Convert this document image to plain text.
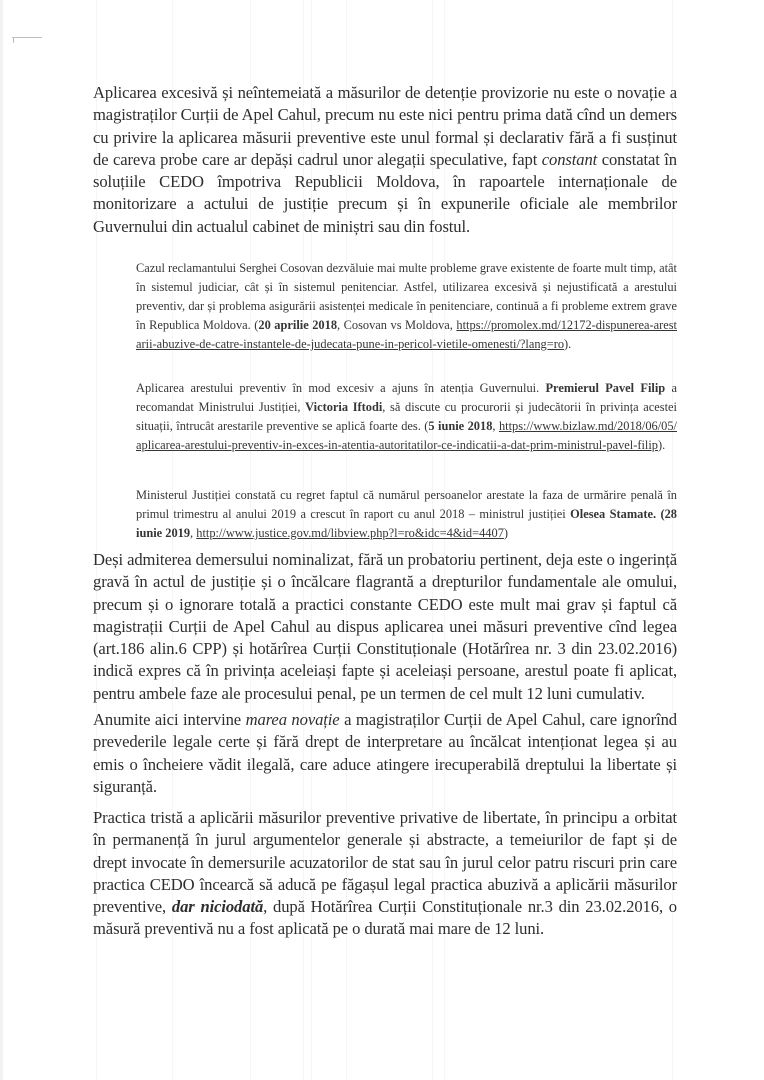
Aplicarea excesivă și neîntemeiată a măsurilor de detenție provizorie nu este o novație a magistraților Curții de Apel Cahul, precum nu este nici pentru prima dată cînd un demers cu privire la aplicarea măsurii preventive este unul formal și declarativ fără a fi susținut de careva probe care ar depăși cadrul unor alegații speculative, fapt constant constatat în soluțiile CEDO împotriva Republicii Moldova, în rapoartele internaționale de monitorizare a actului de justiție precum și în expunerile oficiale ale membrilor Guvernului din actualul cabinet de miniștri sau din fostul.

Cazul reclamantului Serghei Cosovan dezvăluie mai multe probleme grave existente de foarte mult timp, atât în sistemul judiciar, cât și în sistemul penitenciar. Astfel, utilizarea excesivă și nejustificată a arestului preventiv, dar și problema asigurării asistenței medicale în penitenciare, continuă a fi probleme extrem grave în Republica Moldova. (20 aprilie 2018, Cosovan vs Moldova, https://promolex.md/12172-dispunerea-arestarii-abuzive-de-catre-instantele-de-judecata-pune-in-pericol-vietile-omenesti/?lang=ro).

Aplicarea arestului preventiv în mod excesiv a ajuns în atenția Guvernului. Premierul Pavel Filip a recomandat Ministrului Justiției, Victoria Iftodi, să discute cu procurorii și judecătorii în privința acestei situații, întrucât arestarile preventive se aplică foarte des. (5 iunie 2018, https://www.bizlaw.md/2018/06/05/aplicarea-arestului-preventiv-in-exces-in-atentia-autoritatilor-ce-indicatii-a-dat-prim-ministrul-pavel-filip).

Ministerul Justiției constată cu regret faptul că numărul persoanelor arestate la faza de urmărire penală în primul trimestru al anului 2019 a crescut în raport cu anul 2018 – ministrul justiției Olesea Stamate. (28 iunie 2019, http://www.justice.gov.md/libview.php?l=ro&idc=4&id=4407)

Deși admiterea demersului nominalizat, fără un probatoriu pertinent, deja este o ingerință gravă în actul de justiție și o încălcare flagrantă a drepturilor fundamentale ale omului, precum și o ignorare totală a practici constante CEDO este mult mai grav și faptul că magistrații Curții de Apel Cahul au dispus aplicarea unei măsuri preventive cînd legea (art.186 alin.6 CPP) și hotărîrea Curții Constituționale (Hotărîrea nr. 3 din 23.02.2016) indică expres că în privința aceleiași fapte și aceleiași persoane, arestul poate fi aplicat, pentru ambele faze ale procesului penal, pe un termen de cel mult 12 luni cumulativ.

Anumite aici intervine marea novație a magistraților Curții de Apel Cahul, care ignorînd prevederile legale certe și fără drept de interpretare au încălcat intenționat legea și au emis o încheiere vădit ilegală, care aduce atingere irecuperabilă dreptului la libertate și siguranță.

Practica tristă a aplicării măsurilor preventive privative de libertate, în principu a orbitat în permanență în jurul argumentelor generale și abstracte, a temeiurilor de fapt și de drept invocate în demersurile acuzatorilor de stat sau în jurul celor patru riscuri prin care practica CEDO încearcă să aducă pe făgașul legal practica abuzivă a aplicării măsurilor preventive, dar niciodată, după Hotărîrea Curții Constituționale nr.3 din 23.02.2016, o măsură preventivă nu a fost aplicată pe o durată mai mare de 12 luni.
